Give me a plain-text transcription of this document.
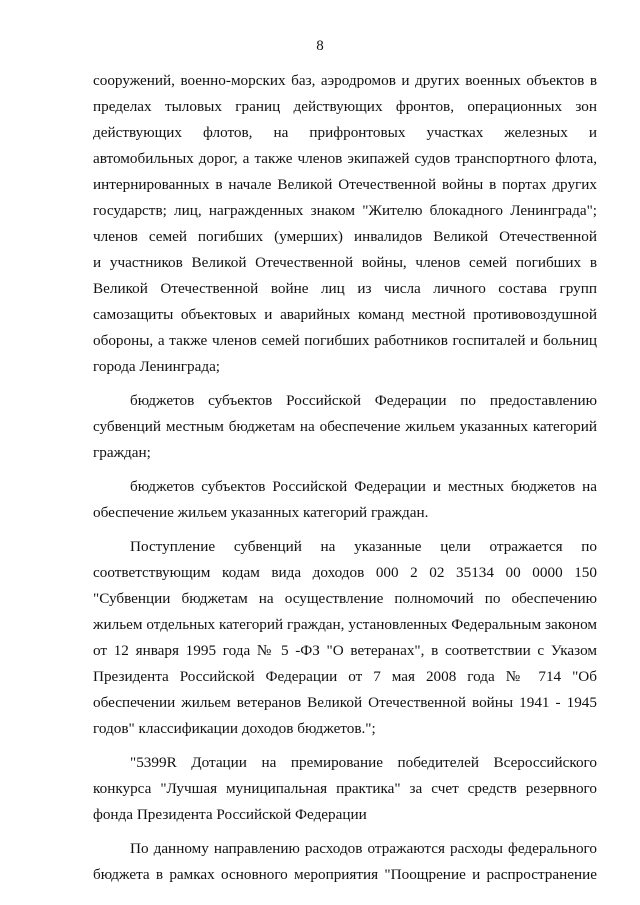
8
сооружений, военно-морских баз, аэродромов и других военных объектов в
пределах тыловых границ действующих фронтов, операционных зон
действующих флотов, на прифронтовых участках железных и
автомобильных дорог, а также членов экипажей судов транспортного флота,
интернированных в начале Великой Отечественной войны в портах других
государств; лиц, награжденных знаком "Жителю блокадного Ленинграда";
членов семей погибших (умерших) инвалидов Великой Отечественной
и участников Великой Отечественной войны, членов семей погибших в
Великой Отечественной войне лиц из числа личного состава групп
самозащиты объектовых и аварийных команд местной противовоздушной
обороны, а также членов семей погибших работников госпиталей и больниц
города Ленинграда;
бюджетов субъектов Российской Федерации по предоставлению
субвенций местным бюджетам на обеспечение жильем указанных категорий
граждан;
бюджетов субъектов Российской Федерации и местных бюджетов на
обеспечение жильем указанных категорий граждан.
Поступление субвенций на указанные цели отражается по
соответствующим кодам вида доходов 000 2 02 35134 00 0000 150
"Субвенции бюджетам на осуществление полномочий по обеспечению
жильем отдельных категорий граждан, установленных Федеральным законом
от 12 января 1995 года № 5 -ФЗ "О ветеранах", в соответствии с Указом
Президента Российской Федерации от 7 мая 2008 года № 714 "Об
обеспечении жильем ветеранов Великой Отечественной войны 1941 - 1945
годов" классификации доходов бюджетов.";
"5399R Дотации на премирование победителей Всероссийского
конкурса "Лучшая муниципальная практика" за счет средств резервного
фонда Президента Российской Федерации
По данному направлению расходов отражаются расходы федерального
бюджета в рамках основного мероприятия "Поощрение и распространение
